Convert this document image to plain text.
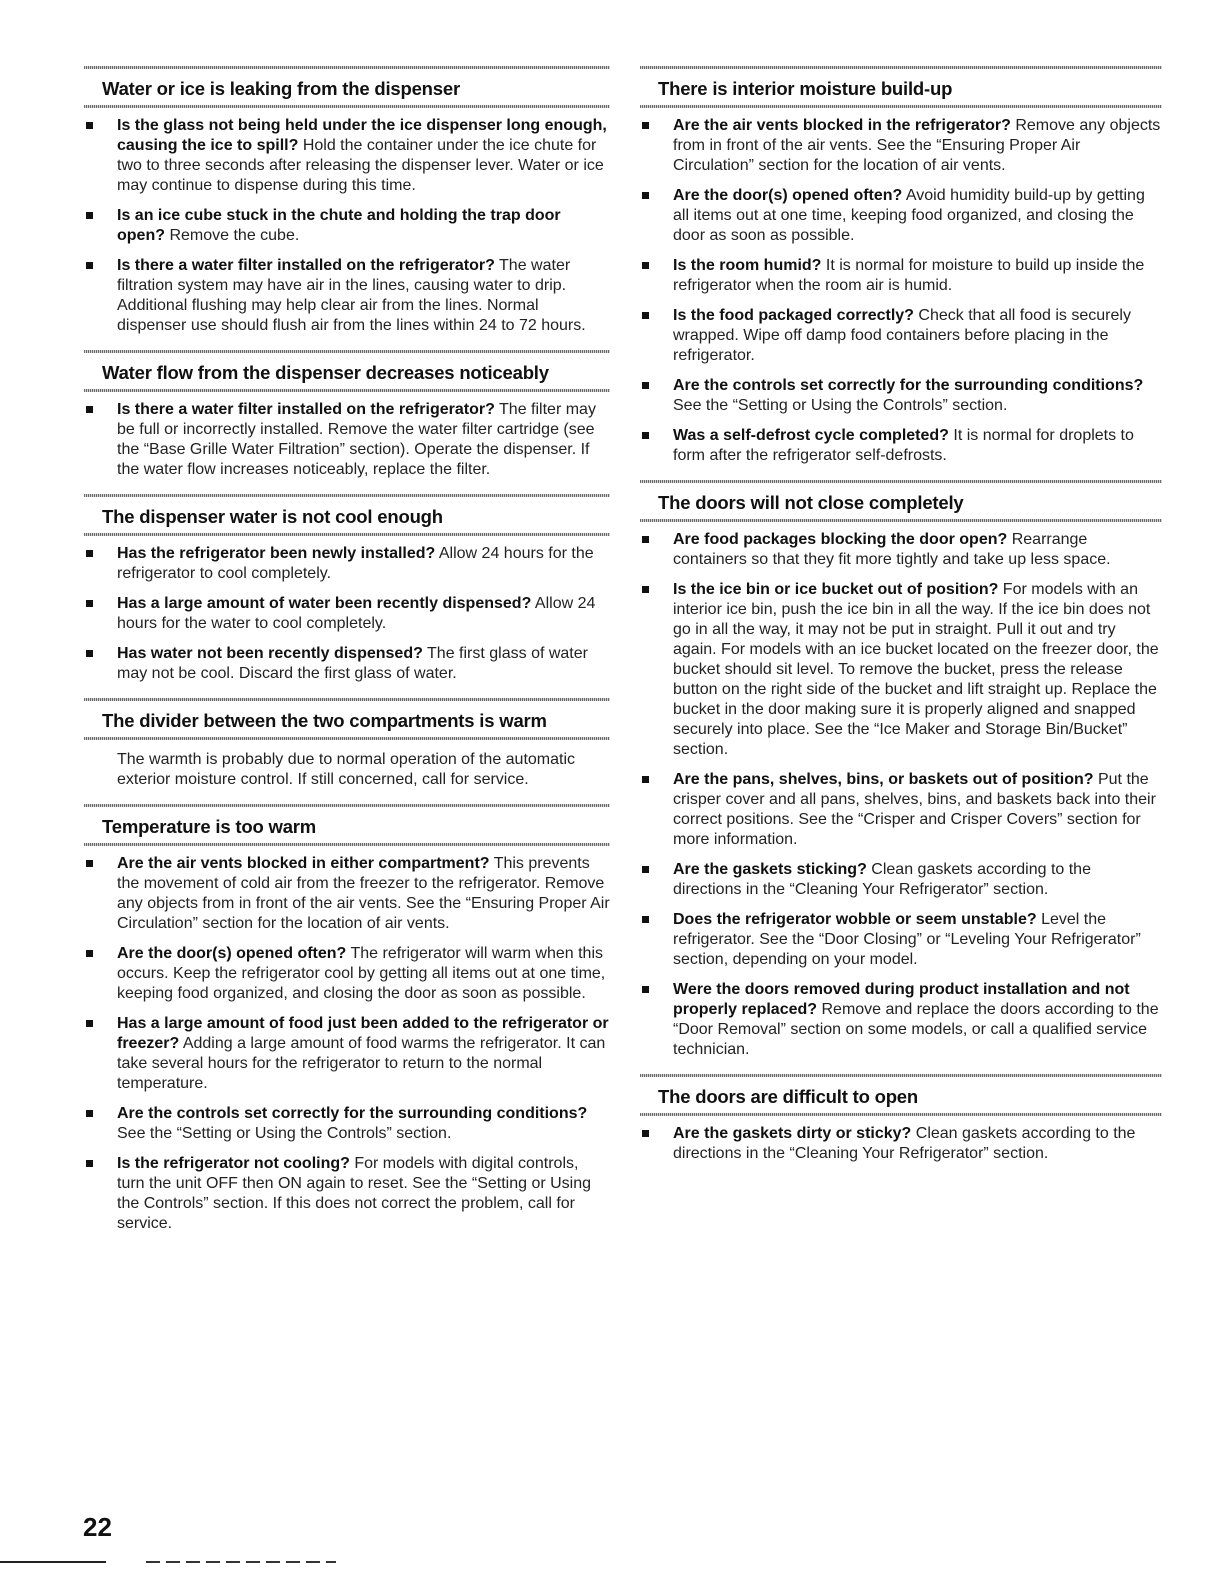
Water or ice is leaking from the dispenser
Is the glass not being held under the ice dispenser long enough, causing the ice to spill? Hold the container under the ice chute for two to three seconds after releasing the dispenser lever. Water or ice may continue to dispense during this time.
Is an ice cube stuck in the chute and holding the trap door open? Remove the cube.
Is there a water filter installed on the refrigerator? The water filtration system may have air in the lines, causing water to drip. Additional flushing may help clear air from the lines. Normal dispenser use should flush air from the lines within 24 to 72 hours.
Water flow from the dispenser decreases noticeably
Is there a water filter installed on the refrigerator? The filter may be full or incorrectly installed. Remove the water filter cartridge (see the “Base Grille Water Filtration” section). Operate the dispenser. If the water flow increases noticeably, replace the filter.
The dispenser water is not cool enough
Has the refrigerator been newly installed? Allow 24 hours for the refrigerator to cool completely.
Has a large amount of water been recently dispensed? Allow 24 hours for the water to cool completely.
Has water not been recently dispensed? The first glass of water may not be cool. Discard the first glass of water.
The divider between the two compartments is warm

The warmth is probably due to normal operation of the automatic exterior moisture control. If still concerned, call for service.

Temperature is too warm
Are the air vents blocked in either compartment? This prevents the movement of cold air from the freezer to the refrigerator. Remove any objects from in front of the air vents. See the “Ensuring Proper Air Circulation” section for the location of air vents.
Are the door(s) opened often? The refrigerator will warm when this occurs. Keep the refrigerator cool by getting all items out at one time, keeping food organized, and closing the door as soon as possible.
Has a large amount of food just been added to the refrigerator or freezer? Adding a large amount of food warms the refrigerator. It can take several hours for the refrigerator to return to the normal temperature.
Are the controls set correctly for the surrounding conditions? See the “Setting or Using the Controls” section.
Is the refrigerator not cooling? For models with digital controls, turn the unit OFF then ON again to reset. See the “Setting or Using the Controls” section. If this does not correct the problem, call for service.
There is interior moisture build-up
Are the air vents blocked in the refrigerator? Remove any objects from in front of the air vents. See the “Ensuring Proper Air Circulation” section for the location of air vents.
Are the door(s) opened often? Avoid humidity build-up by getting all items out at one time, keeping food organized, and closing the door as soon as possible.
Is the room humid? It is normal for moisture to build up inside the refrigerator when the room air is humid.
Is the food packaged correctly? Check that all food is securely wrapped. Wipe off damp food containers before placing in the refrigerator.
Are the controls set correctly for the surrounding conditions? See the “Setting or Using the Controls” section.
Was a self-defrost cycle completed? It is normal for droplets to form after the refrigerator self-defrosts.
The doors will not close completely
Are food packages blocking the door open? Rearrange containers so that they fit more tightly and take up less space.
Is the ice bin or ice bucket out of position? For models with an interior ice bin, push the ice bin in all the way. If the ice bin does not go in all the way, it may not be put in straight. Pull it out and try again. For models with an ice bucket located on the freezer door, the bucket should sit level. To remove the bucket, press the release button on the right side of the bucket and lift straight up. Replace the bucket in the door making sure it is properly aligned and snapped securely into place. See the “Ice Maker and Storage Bin/Bucket” section.
Are the pans, shelves, bins, or baskets out of position? Put the crisper cover and all pans, shelves, bins, and baskets back into their correct positions. See the “Crisper and Crisper Covers” section for more information.
Are the gaskets sticking? Clean gaskets according to the directions in the “Cleaning Your Refrigerator” section.
Does the refrigerator wobble or seem unstable? Level the refrigerator. See the “Door Closing” or “Leveling Your Refrigerator” section, depending on your model.
Were the doors removed during product installation and not properly replaced? Remove and replace the doors according to the “Door Removal” section on some models, or call a qualified service technician.
The doors are difficult to open
Are the gaskets dirty or sticky? Clean gaskets according to the directions in the “Cleaning Your Refrigerator” section.
22
